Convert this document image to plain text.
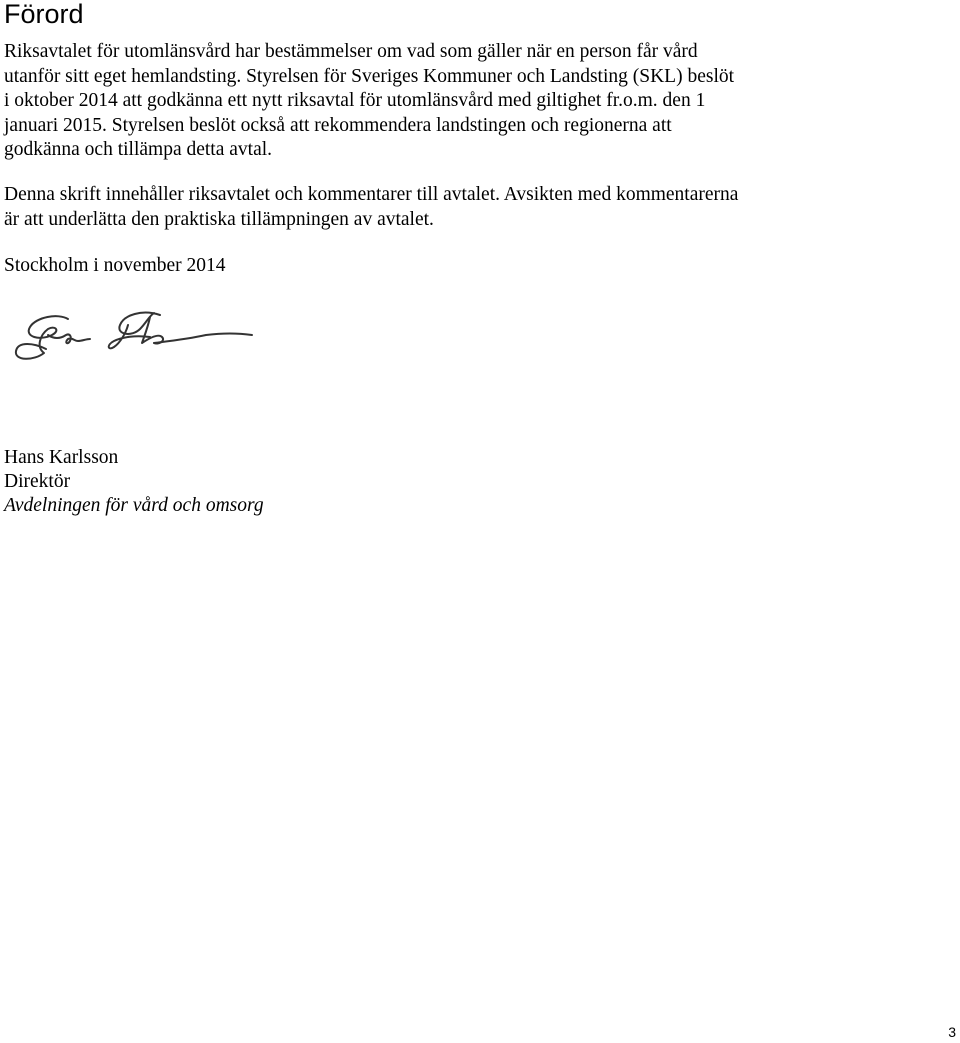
Förord

Riksavtalet för utomlänsvård har bestämmelser om vad som gäller när en person får vård utanför sitt eget hemlandsting. Styrelsen för Sveriges Kommuner och Landsting (SKL) beslöt i oktober 2014 att godkänna ett nytt riksavtal för utomlänsvård med giltighet fr.o.m. den 1 januari 2015. Styrelsen beslöt också att rekommendera landstingen och regionerna att godkänna och tillämpa detta avtal.

Denna skrift innehåller riksavtalet och kommentarer till avtalet. Avsikten med kommentarerna är att underlätta den praktiska tillämpningen av avtalet.

Stockholm i november 2014

Hans Karlsson
Direktör
Avdelningen för vård och omsorg
3
